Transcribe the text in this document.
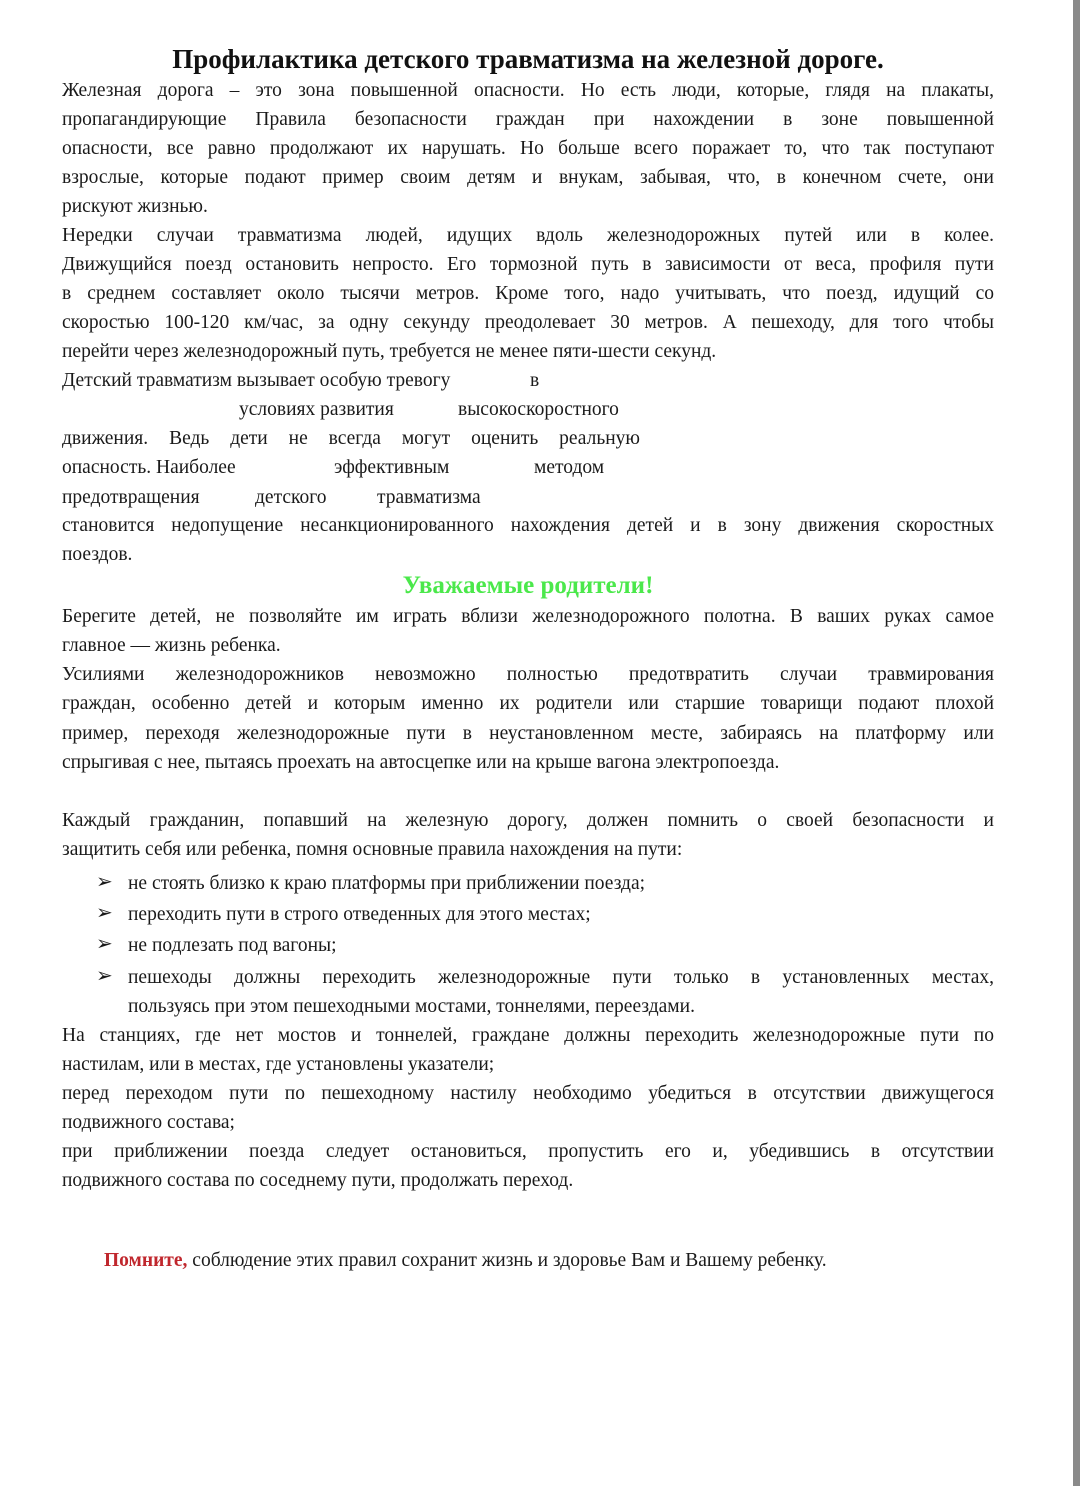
Профилактика детского травматизма на железной дороге.
Железная дорога – это зона повышенной опасности. Но есть люди, которые, глядя на плакаты,
пропагандирующие Правила безопасности граждан при нахождении в зоне повышенной
опасности, все равно продолжают их нарушать. Но больше всего поражает то, что так поступают
взрослые, которые подают пример своим детям и внукам, забывая, что, в конечном счете, они
рискуют жизнью.
Нередки случаи травматизма людей, идущих вдоль железнодорожных путей или в колее.
Движущийся поезд остановить непросто. Его тормозной путь в зависимости от веса, профиля пути
в среднем составляет около тысячи метров. Кроме того, надо учитывать, что поезд, идущий со
скоростью 100-120 км/час, за одну секунду преодолевает 30 метров. А пешеходу, для того чтобы
перейти через железнодорожный путь, требуется не менее пяти-шести секунд.
Детский травматизм вызывает особую тревогу	в
условиях развития	высокоскоростного
движения. Ведь дети не всегда могут оценить реальную
опасность. Наиболее	эффективным	методом
предотвращения	детского	травматизма
становится недопущение несанкционированного нахождения детей и в зону движения скоростных
поездов.
Уважаемые родители!
Берегите детей, не позволяйте им играть вблизи железнодорожного полотна. В ваших руках самое
главное — жизнь ребенка.
Усилиями железнодорожников невозможно полностью предотвратить случаи травмирования
граждан, особенно детей и которым именно их родители или старшие товарищи подают плохой
пример, переходя железнодорожные пути в неустановленном месте, забираясь на платформу или
спрыгивая с нее, пытаясь проехать на автосцепке или на крыше вагона электропоезда.
Каждый гражданин, попавший на железную дорогу, должен помнить о своей безопасности и
защитить себя или ребенка, помня основные правила нахождения на пути:
➢ не стоять близко к краю платформы при приближении поезда;
➢ переходить пути в строго отведенных для этого местах;
➢ не подлезать под вагоны;
➢ пешеходы должны переходить железнодорожные пути только в установленных местах,
пользуясь при этом пешеходными мостами, тоннелями, переездами.
На станциях, где нет мостов и тоннелей, граждане должны переходить железнодорожные пути по
настилам, или в местах, где установлены указатели;
перед переходом пути по пешеходному настилу необходимо убедиться в отсутствии движущегося
подвижного состава;
при приближении поезда следует остановиться, пропустить его и, убедившись в отсутствии
подвижного состава по соседнему пути, продолжать переход.
Помните, соблюдение этих правил сохранит жизнь и здоровье Вам и Вашему ребенку.
